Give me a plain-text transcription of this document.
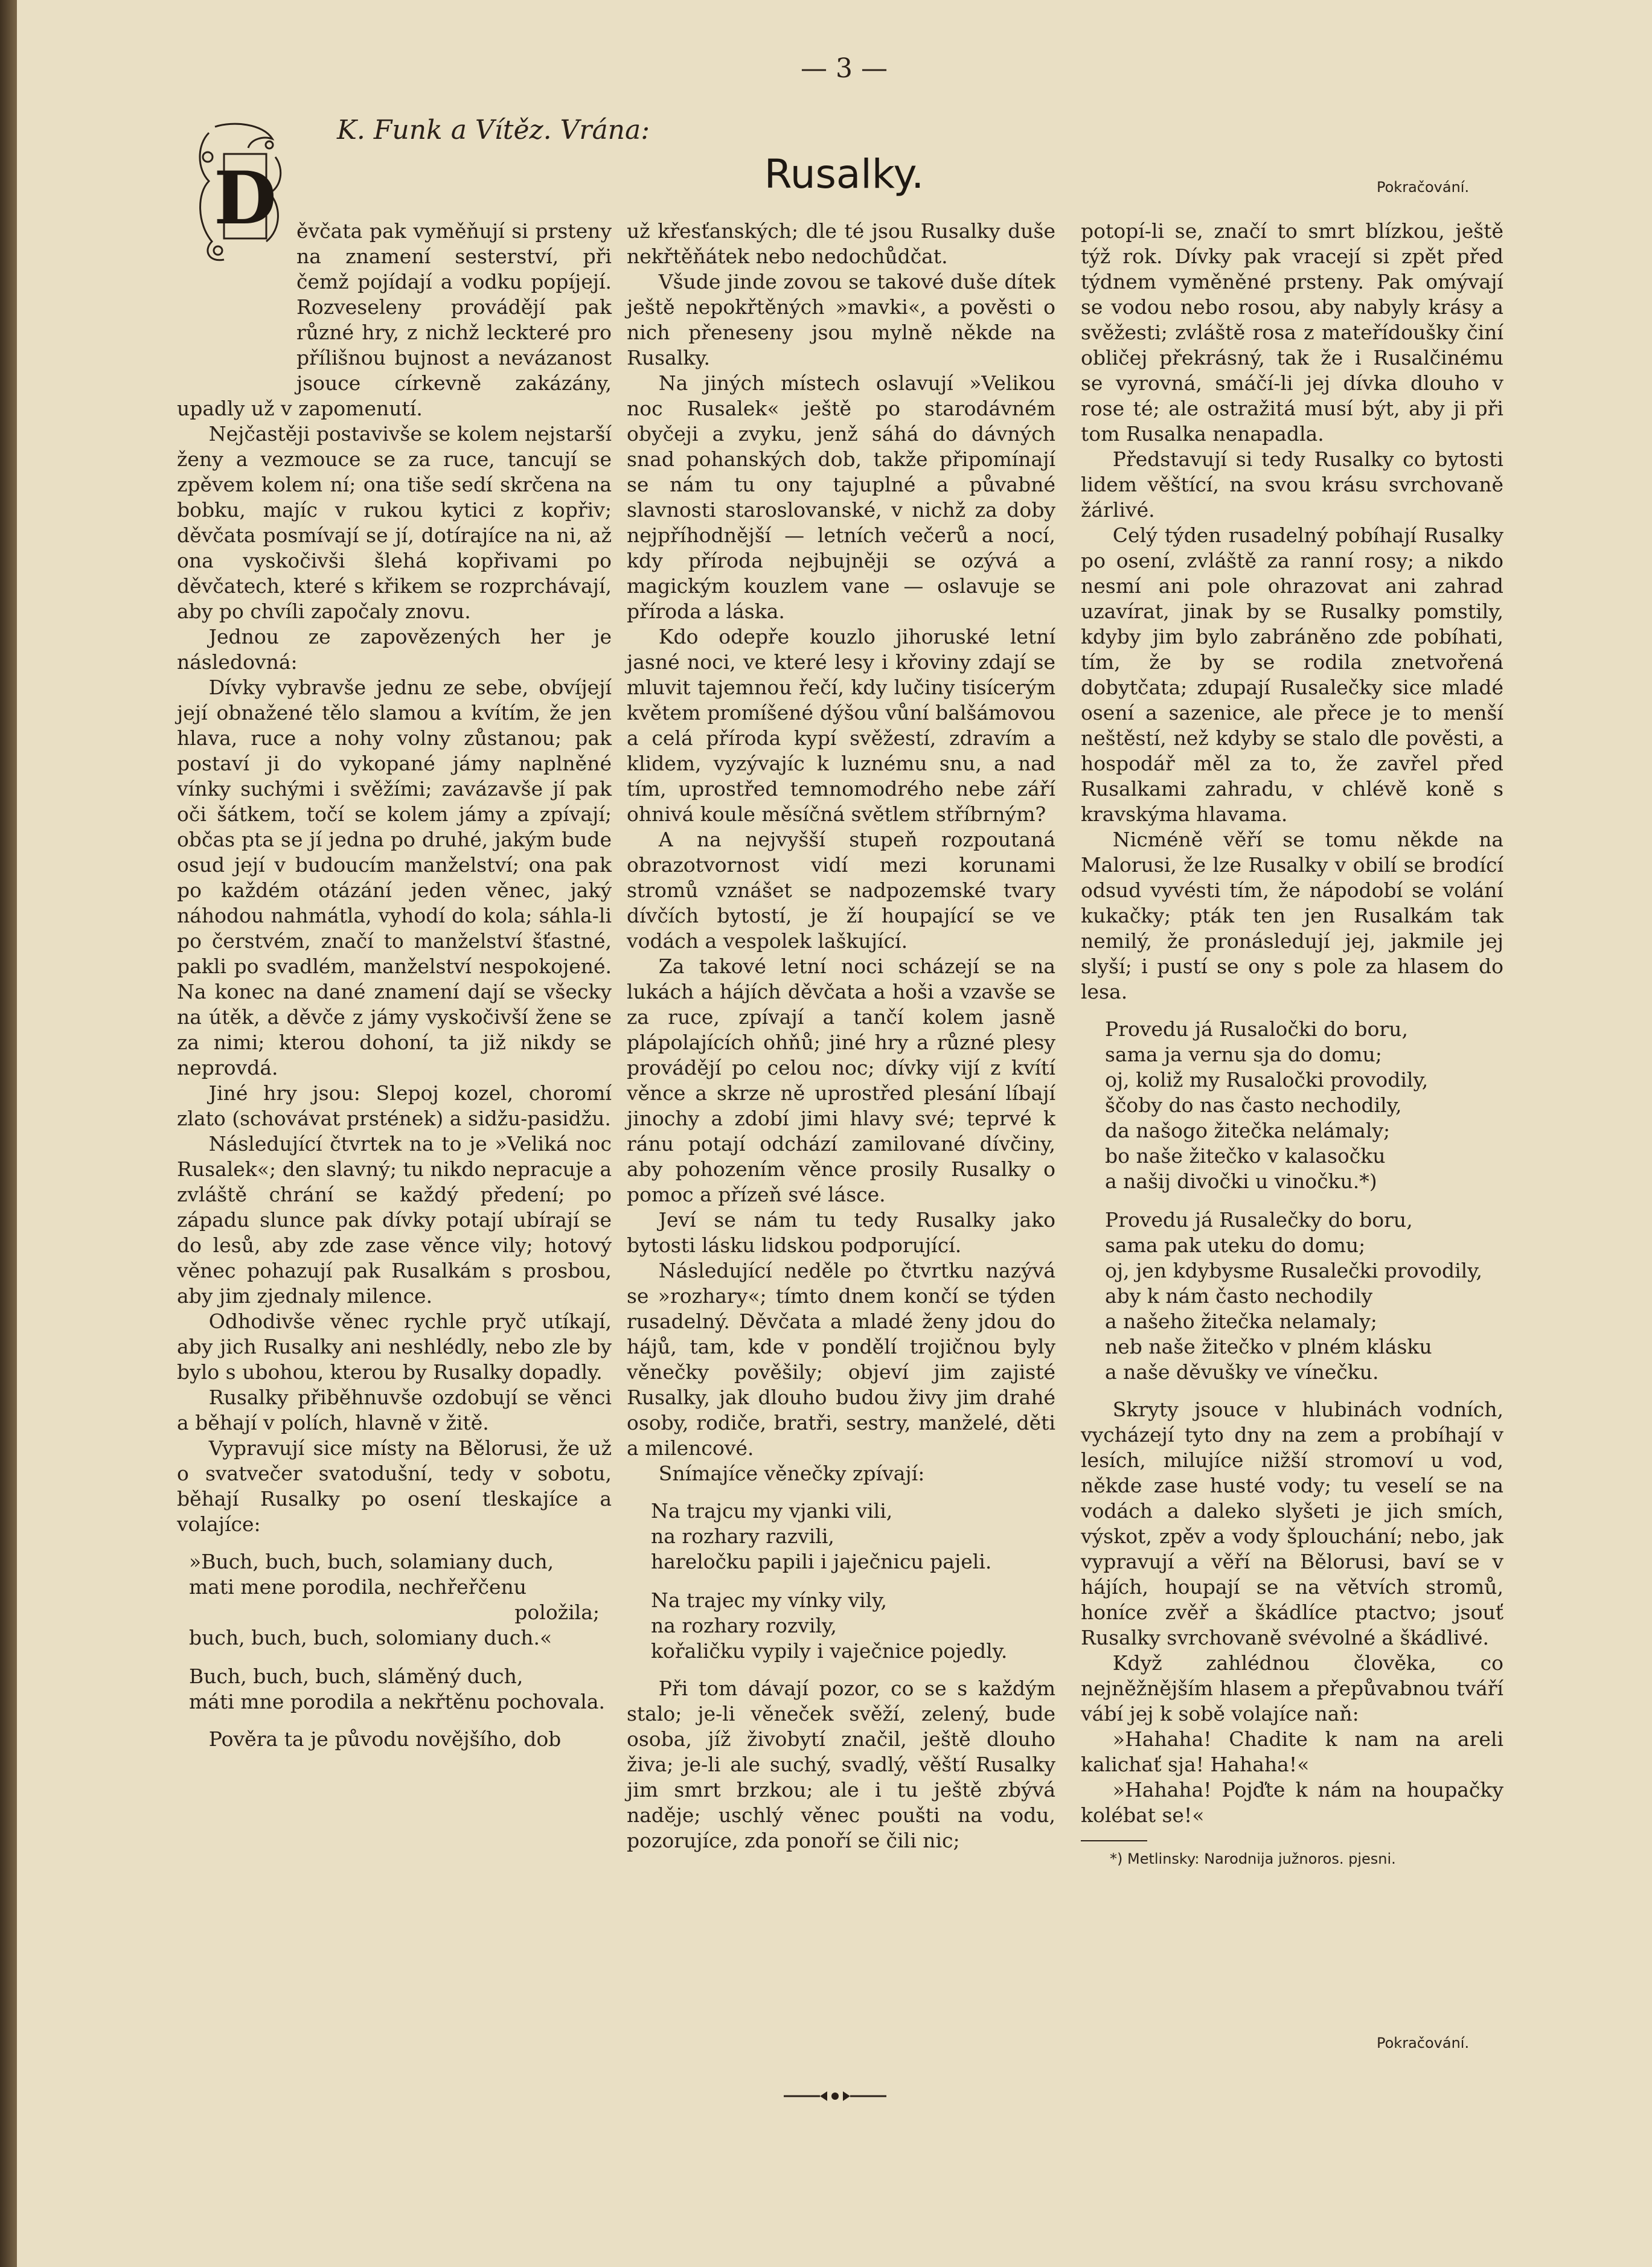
— 3 —
K. Funk a Vítěz. Vrána:
Rusalky.	Pokračování.

ěvčata pak vyměňují si prsteny na znamení sesterství, při čemž pojídají a vodku popíjejí. Rozveseleny provádějí pak různé hry, z nichž leckteré pro přílišnou bujnost a nevázanost jsouce církevně zakázány, upadly už v zapomenutí.

Nejčastěji postavivše se kolem nejstarší ženy a vezmouce se za ruce, tancují se zpěvem kolem ní; ona tiše sedí skrčena na bobku, majíc v rukou kytici z kopřiv; děvčata posmívají se jí, dotírajíce na ni, až ona vyskočivši šlehá kopřivami po děvčatech, které s křikem se rozprchávají, aby po chvíli započaly znovu.

Jednou ze zapovězených her je následovná:

Dívky vybravše jednu ze sebe, obvíjejí její obnažené tělo slamou a kvítím, že jen hlava, ruce a nohy volny zůstanou; pak postaví ji do vykopané jámy naplněné vínky suchými i svěžími; zavázavše jí pak oči šátkem, točí se kolem jámy a zpívají; občas pta se jí jedna po druhé, jakým bude osud její v budoucím manželství; ona pak po každém otázání jeden věnec, jaký náhodou nahmátla, vyhodí do kola; sáhla-li po čerstvém, značí to manželství šťastné, pakli po svadlém, manželství nespokojené. Na konec na dané znamení dají se všecky na útěk, a děvče z jámy vyskočivší žene se za nimi; kterou dohoní, ta již nikdy se neprovdá.

Jiné hry jsou: Slepoj kozel, choromí zlato (schovávat prstének) a sidžu-pasidžu.

Následující čtvrtek na to je »Veliká noc Rusalek«; den slavný; tu nikdo nepracuje a zvláště chrání se každý předení; po západu slunce pak dívky potají ubírají se do lesů, aby zde zase věnce vily; hotový věnec pohazují pak Rusalkám s prosbou, aby jim zjednaly milence.

Odhodivše věnec rychle pryč utíkají, aby jich Rusalky ani neshlédly, nebo zle by bylo s ubohou, kterou by Rusalky dopadly.

Rusalky přiběhnuvše ozdobují se věnci a běhají v polích, hlavně v žitě.

Vypravují sice místy na Bělorusi, že už o svatvečer svatodušní, tedy v sobotu, běhají Rusalky po osení tleskajíce a volajíce:

»Buch, buch, buch, solamiany duch,
mati mene porodila, nechřeřčenu
položila;
buch, buch, buch, solomiany duch.«
Buch, buch, buch, sláměný duch,
máti mne porodila a nekřtěnu pochovala.

Pověra ta je původu novějšího, dob

už křesťanských; dle té jsou Rusalky duše nekřtěňátek nebo nedochůdčat.

Všude jinde zovou se takové duše dítek ještě nepokřtěných »mavki«, a pověsti o nich přeneseny jsou mylně někde na Rusalky.

Na jiných místech oslavují »Velikou noc Rusalek« ještě po starodávném obyčeji a zvyku, jenž sáhá do dávných snad pohanských dob, takže připomínají se nám tu ony tajuplné a půvabné slavnosti staroslovanské, v nichž za doby nejpříhodnější — letních večerů a nocí, kdy příroda nejbujněji se ozývá a magickým kouzlem vane — oslavuje se příroda a láska.

Kdo odepře kouzlo jihoruské letní jasné noci, ve které lesy i křoviny zdají se mluvit tajemnou řečí, kdy lučiny tisícerým květem promíšené dýšou vůní balšámovou a celá příroda kypí svěžestí, zdravím a klidem, vyzývajíc k luznému snu, a nad tím, uprostřed temnomodrého nebe září ohnivá koule měsíčná světlem stříbrným?

A na nejvyšší stupeň rozpoutaná obrazotvornost vidí mezi korunami stromů vznášet se nadpozemské tvary dívčích bytostí, je ží houpající se ve vodách a vespolek laškující.

Za takové letní noci scházejí se na lukách a hájích děvčata a hoši a vzavše se za ruce, zpívají a tančí kolem jasně plápolajících ohňů; jiné hry a různé plesy provádějí po celou noc; dívky vijí z kvítí věnce a skrze ně uprostřed plesání líbají jinochy a zdobí jimi hlavy své; teprvé k ránu potají odchází zamilované dívčiny, aby pohozením věnce prosily Rusalky o pomoc a přízeň své lásce.

Jeví se nám tu tedy Rusalky jako bytosti lásku lidskou podporující.

Následující neděle po čtvrtku nazývá se »rozhary«; tímto dnem končí se týden rusadelný. Děvčata a mladé ženy jdou do hájů, tam, kde v pondělí trojičnou byly věnečky pověšily; objeví jim zajisté Rusalky, jak dlouho budou živy jim drahé osoby, rodiče, bratři, sestry, manželé, děti a milencové.

Snímajíce věnečky zpívají:

Na trajcu my vjanki vili,
na rozhary razvili,
hareločku papili i jaječnicu pajeli.
Na trajec my vínky vily,
na rozhary rozvily,
kořaličku vypily i vaječnice pojedly.

Při tom dávají pozor, co se s každým stalo; je-li věneček svěží, zelený, bude osoba, jíž živobytí značil, ještě dlouho živa; je-li ale suchý, svadlý, věští Rusalky jim smrt brzkou; ale i tu ještě zbývá naděje; uschlý věnec poušti na vodu, pozorujíce, zda ponoří se čili nic;

potopí-li se, značí to smrt blízkou, ještě týž rok. Dívky pak vracejí si zpět před týdnem vyměněné prsteny. Pak omývají se vodou nebo rosou, aby nabyly krásy a svěžesti; zvláště rosa z mateřídoušky činí obličej překrásný, tak že i Rusalčinému se vyrovná, smáčí-li jej dívka dlouho v rose té; ale ostražitá musí být, aby ji při tom Rusalka nenapadla.

Představují si tedy Rusalky co bytosti lidem věštící, na svou krásu svrchovaně žárlivé.

Celý týden rusadelný pobíhají Rusalky po osení, zvláště za ranní rosy; a nikdo nesmí ani pole ohrazovat ani zahrad uzavírat, jinak by se Rusalky pomstily, kdyby jim bylo zabráněno zde pobíhati, tím, že by se rodila znetvořená dobytčata; zdupají Rusalečky sice mladé osení a sazenice, ale přece je to menší neštěstí, než kdyby se stalo dle pověsti, a hospodář měl za to, že zavřel před Rusalkami zahradu, v chlévě koně s kravskýma hlavama.

Nicméně věří se tomu někde na Malorusi, že lze Rusalky v obilí se brodící odsud vyvésti tím, že nápodobí se volání kukačky; pták ten jen Rusalkám tak nemilý, že pronásledují jej, jakmile jej slyší; i pustí se ony s pole za hlasem do lesa.

Provedu já Rusaločki do boru,
sama ja vernu sja do domu;
oj, koliž my Rusaločki provodily,
ščoby do nas často nechodily,
da našogo žitečka nelámaly;
bo naše žitečko v kalasočku
a našij divočki u vinočku.*)
Provedu já Rusalečky do boru,
sama pak uteku do domu;
oj, jen kdybysme Rusalečki provodily,
aby k nám často nechodily
a našeho žitečka nelamaly;
neb naše žitečko v plném klásku
a naše děvušky ve vínečku.

Skryty jsouce v hlubinách vodních, vycházejí tyto dny na zem a probíhají v lesích, milujíce nižší stromoví u vod, někde zase husté vody; tu veselí se na vodách a daleko slyšeti je jich smích, výskot, zpěv a vody šplouchání; nebo, jak vypravují a věří na Bělorusi, baví se v hájích, houpají se na větvích stromů, honíce zvěř a škádlíce ptactvo; jsouť Rusalky svrchovaně svévolné a škádlivé.

Když zahlédnou člověka, co nejněžnějším hlasem a přepůvabnou tváří vábí jej k sobě volajíce naň:

»Hahaha! Chadite k nam na areli kalichať sja! Hahaha!«

»Hahaha! Pojďte k nám na houpačky kolébat se!«

*) Metlinsky: Narodnija južnoros. pjesni.
Pokračování.
D
